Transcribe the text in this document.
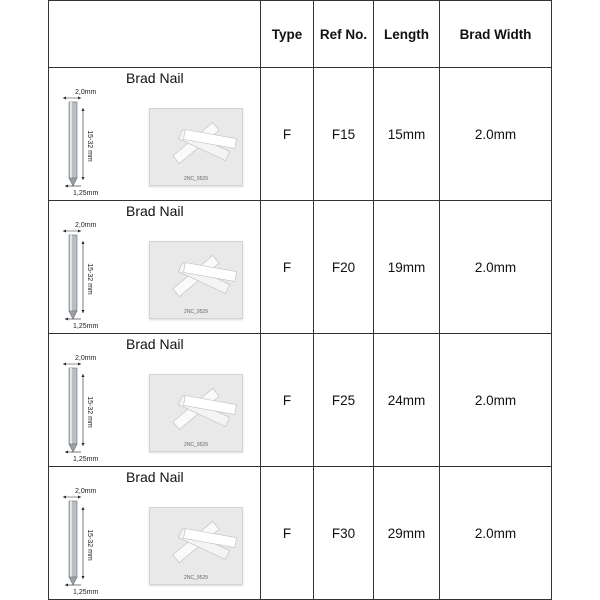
	Type	Ref No.	Length	Brad Width

Brad Nail
2,0mm
15-32 mm
1,25mm
2NC_9529	F	F15	15mm	2.0mm

Brad Nail
2,0mm
15-32 mm
1,25mm
2NC_9529	F	F20	19mm	2.0mm

Brad Nail
2,0mm
15-32 mm
1,25mm
2NC_9529	F	F25	24mm	2.0mm

Brad Nail
2,0mm
15-32 mm
1,25mm
2NC_9529	F	F30	29mm	2.0mm
